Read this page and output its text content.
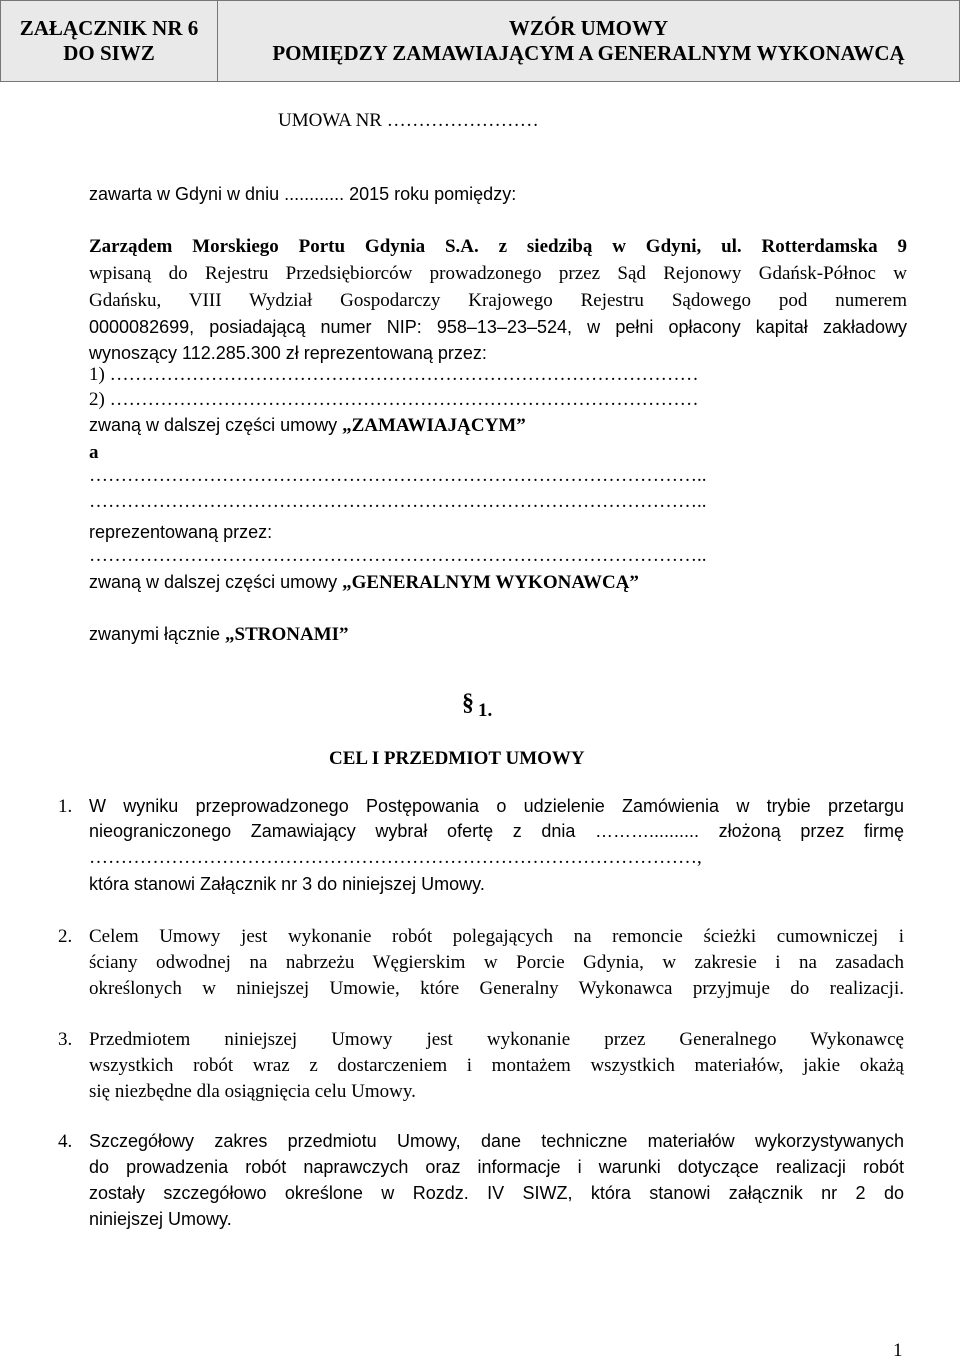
ZAŁĄCZNIK NR 6
DO SIWZ
WZÓR UMOWY
POMIĘDZY ZAMAWIAJĄCYM A GENERALNYM WYKONAWCĄ
UMOWA NR ……………………
zawarta w Gdyni w dniu ............ 2015 roku pomiędzy:
Zarządem Morskiego Portu Gdynia S.A. z siedzibą w Gdyni, ul. Rotterdamska 9
wpisaną do Rejestru Przedsiębiorców prowadzonego przez Sąd Rejonowy Gdańsk-Północ w
Gdańsku, VIII Wydział Gospodarczy Krajowego Rejestru Sądowego pod numerem
0000082699, posiadającą numer NIP: 958–13–23–524, w pełni opłacony kapitał zakładowy
wynoszący 112.285.300 zł reprezentowaną przez:
1) …………………………………………………………………………………
2) …………………………………………………………………………………
zwaną w dalszej części umowy „ZAMAWIAJĄCYM”
a
……………………………………………………………………………………..
……………………………………………………………………………………..
reprezentowaną przez:
……………………………………………………………………………………..
zwaną w dalszej części umowy „GENERALNYM WYKONAWCĄ”
zwanymi łącznie „STRONAMI”
§ 1.
CEL I PRZEDMIOT UMOWY
1. W wyniku przeprowadzonego Postępowania o udzielenie Zamówienia w trybie przetargu
nieograniczonego Zamawiający wybrał ofertę z dnia ……….......... złożoną przez firmę
……………………………………………………………………………………,
która stanowi Załącznik nr 3 do niniejszej Umowy.
2. Celem Umowy jest wykonanie robót polegających na remoncie ścieżki cumowniczej i
ściany odwodnej na nabrzeżu Węgierskim w Porcie Gdynia, w zakresie i na zasadach
określonych w niniejszej Umowie, które Generalny Wykonawca przyjmuje do realizacji.
3. Przedmiotem niniejszej Umowy jest wykonanie przez Generalnego Wykonawcę
wszystkich robót wraz z dostarczeniem i montażem wszystkich materiałów, jakie okażą
się niezbędne dla osiągnięcia celu Umowy.
4. Szczegółowy zakres przedmiotu Umowy, dane techniczne materiałów wykorzystywanych
do prowadzenia robót naprawczych oraz informacje i warunki dotyczące realizacji robót
zostały szczegółowo określone w Rozdz. IV SIWZ, która stanowi załącznik nr 2 do
niniejszej Umowy.
1
